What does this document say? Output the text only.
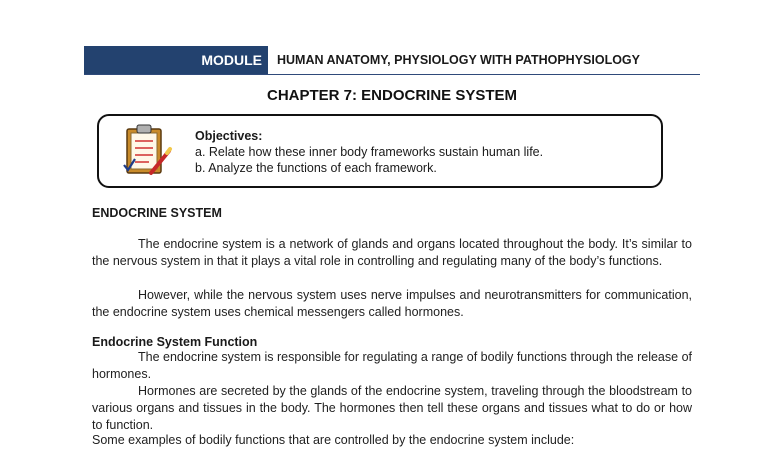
MODULE	HUMAN ANATOMY, PHYSIOLOGY WITH PATHOPHYSIOLOGY
CHAPTER 7: ENDOCRINE SYSTEM
Objectives:
a. Relate how these inner body frameworks sustain human life.
b. Analyze the functions of each framework.
ENDOCRINE SYSTEM

The endocrine system is a network of glands and organs located throughout the body. It’s similar to the nervous system in that it plays a vital role in controlling and regulating many of the body’s functions.

However, while the nervous system uses nerve impulses and neurotransmitters for communication, the endocrine system uses chemical messengers called hormones.

Endocrine System Function

The endocrine system is responsible for regulating a range of bodily functions through the release of hormones.

Hormones are secreted by the glands of the endocrine system, traveling through the bloodstream to various organs and tissues in the body. The hormones then tell these organs and tissues what to do or how to function.

Some examples of bodily functions that are controlled by the endocrine system include:
